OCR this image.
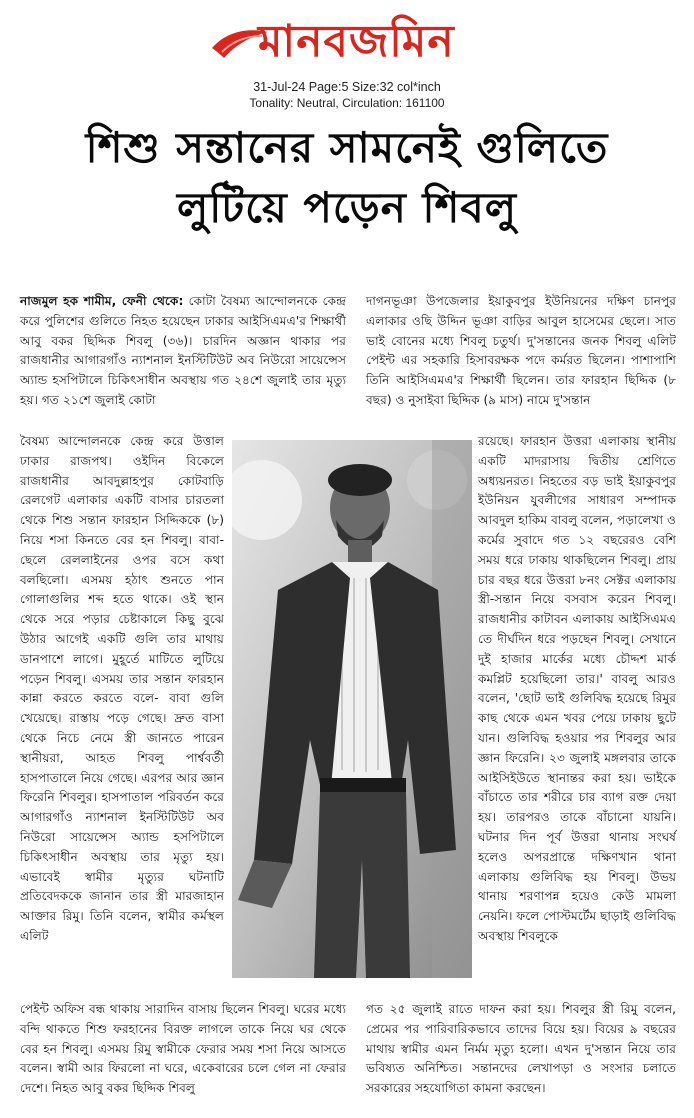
মানবজমিন
31-Jul-24 Page:5 Size:32 col*inch
Tonality: Neutral, Circulation: 161100
শিশু সন্তানের সামনেই গুলিতে
লুটিয়ে পড়েন শিবলু

নাজমুল হক শামীম, ফেনী থেকে: কোটা বৈষম্য আন্দোলনকে কেন্দ্র করে পুলিশের গুলিতে নিহত হয়েছেন ঢাকার আইসিএমএ'র শিক্ষার্থী আবু বকর ছিদ্দিক শিবলু (৩৬)। চারদিন অজ্ঞান থাকার পর রাজধানীর আগারগাঁও ন্যাশনাল ইনস্টিটিউট অব নিউরো সায়েন্সেস অ্যান্ড হসপিটালে চিকিৎসাধীন অবস্থায় গত ২৪শে জুলাই তার মৃত্যু হয়। গত ২১শে জুলাই কোটা

বৈষম্য আন্দোলনকে কেন্দ্র করে উত্তাল ঢাকার রাজপথ। ওইদিন বিকেলে রাজধানীর আবদুল্লাহপুর কোটবাড়ি রেলগেট এলাকার একটি বাসার চারতলা থেকে শিশু সন্তান ফারহান সিদ্দিককে (৮) নিয়ে শসা কিনতে বের হন শিবলু। বাবা-ছেলে রেললাইনের ওপর বসে কথা বলছিলো। এসময় হঠাৎ শুনতে পান গোলাগুলির শব্দ হতে থাকে। ওই স্থান থেকে সরে পড়ার চেষ্টাকালে কিছু বুঝে উঠার আগেই একটি গুলি তার মাথায় ডানপাশে লাগে। মুহূর্তে মাটিতে লুটিয়ে পড়েন শিবলু। এসময় তার সন্তান ফারহান কান্না করতে করতে বলে- বাবা গুলি খেয়েছে। রাস্তায় পড়ে গেছে। দ্রুত বাসা থেকে নিচে নেমে স্ত্রী জানতে পারেন স্থানীয়রা, আহত শিবলু পার্শ্ববর্তী হাসপাতালে নিয়ে গেছে। এরপর আর জ্ঞান ফিরেনি শিবলুর। হাসপাতাল পরিবর্তন করে আগারগাঁও ন্যাশনাল ইনস্টিটিউট অব নিউরো সায়েন্সেস অ্যান্ড হসপিটালে চিকিৎসাধীন অবস্থায় তার মৃত্যু হয়। এভাবেই স্বামীর মৃত্যুর ঘটনাটি প্রতিবেদককে জানান তার স্ত্রী মারজাহান আক্তার রিমু। তিনি বলেন, স্বামীর কর্মস্থল এলিট

দাগনভূঞা উপজেলার ইয়াকুবপুর ইউনিয়নের দক্ষিণ চানপুর এলাকার ওছি উদ্দিন ভূঞা বাড়ির আবুল হাসেমের ছেলে। সাত ভাই বোনের মধ্যে শিবলু চতুর্থ। দু'সন্তানের জনক শিবলু এলিট পেইন্ট এর সহকারি হিসাবরক্ষক পদে কর্মরত ছিলেন। পাশাপাশি তিনি আইসিএমএ'র শিক্ষার্থী ছিলেন। তার ফারহান ছিদ্দিক (৮ বছর) ও নুসাইবা ছিদ্দিক (৯ মাস) নামে দু'সন্তান

রয়েছে। ফারহান উত্তরা এলাকায় স্থানীয় একটি মাদরাসায় দ্বিতীয় শ্রেণিতে অধ্যয়নরত। নিহতের বড় ভাই ইয়াকুবপুর ইউনিয়ন যুবলীগের সাধারণ সম্পাদক আবদুল হাকিম বাবলু বলেন, পড়ালেখা ও কর্মের সুবাদে গত ১২ বছরেরও বেশি সময় ধরে ঢাকায় থাকছিলেন শিবলু। প্রায় চার বছর ধরে উত্তরা ৮নং সেক্টর এলাকায় স্ত্রী-সন্তান নিয়ে বসবাস করেন শিবলু। রাজধানীর কাটাবন এলাকায় আইসিএমএ তে দীর্ঘদিন ধরে পড়ছেন শিবলু। সেখানে দুই হাজার মার্কের মধ্যে চৌদ্দশ মার্ক কমপ্লিট হয়েছিলো তার।' বাবলু আরও বলেন, 'ছোট ভাই গুলিবিদ্ধ হয়েছে রিমুর কাছ থেকে এমন খবর পেয়ে ঢাকায় ছুটে যান। গুলিবিদ্ধ হওয়ার পর শিবলুর আর জ্ঞান ফিরেনি। ২৩ জুলাই মঙ্গলবার তাকে আইসিইউতে স্থানান্তর করা হয়। ভাইকে বাঁচাতে তার শরীরে চার ব্যাগ রক্ত দেয়া হয়। তারপরও তাকে বাঁচানো যায়নি। ঘটনার দিন পূর্ব উত্তরা থানায় সংঘর্ষ হলেও অপরপ্রান্তে দক্ষিণখান থানা এলাকায় গুলিবিদ্ধ হয় শিবলু। উভয় থানায় শরণাপন্ন হয়েও কেউ মামলা নেয়নি। ফলে পোস্টমর্টেম ছাড়াই গুলিবিদ্ধ অবস্থায় শিবলুকে

পেইন্ট অফিস বন্ধ থাকায় সারাদিন বাসায় ছিলেন শিবলু। ঘরের মধ্যে বন্দি থাকতে শিশু ফরহানের বিরক্ত লাগলে তাকে নিয়ে ঘর থেকে বের হন শিবলু। এসময় রিমু স্বামীকে ফেরার সময় শসা নিয়ে আসতে বলেন। স্বামী আর ফিরলো না ঘরে, একেবারের চলে গেল না ফেরার দেশে। নিহত আবু বকর ছিদ্দিক শিবলু

গত ২৫ জুলাই রাতে দাফন করা হয়। শিবলুর স্ত্রী রিমু বলেন, প্রেমের পর পারিবারিকভাবে তাদের বিয়ে হয়। বিয়ের ৯ বছরের মাথায় স্বামীর এমন নির্মম মৃত্যু হলো। এখন দু'সন্তান নিয়ে তার ভবিষ্যত অনিশ্চিত। সন্তানদের লেখাপড়া ও সংসার চলাতে সরকারের সহযোগিতা কামনা করছেন।
